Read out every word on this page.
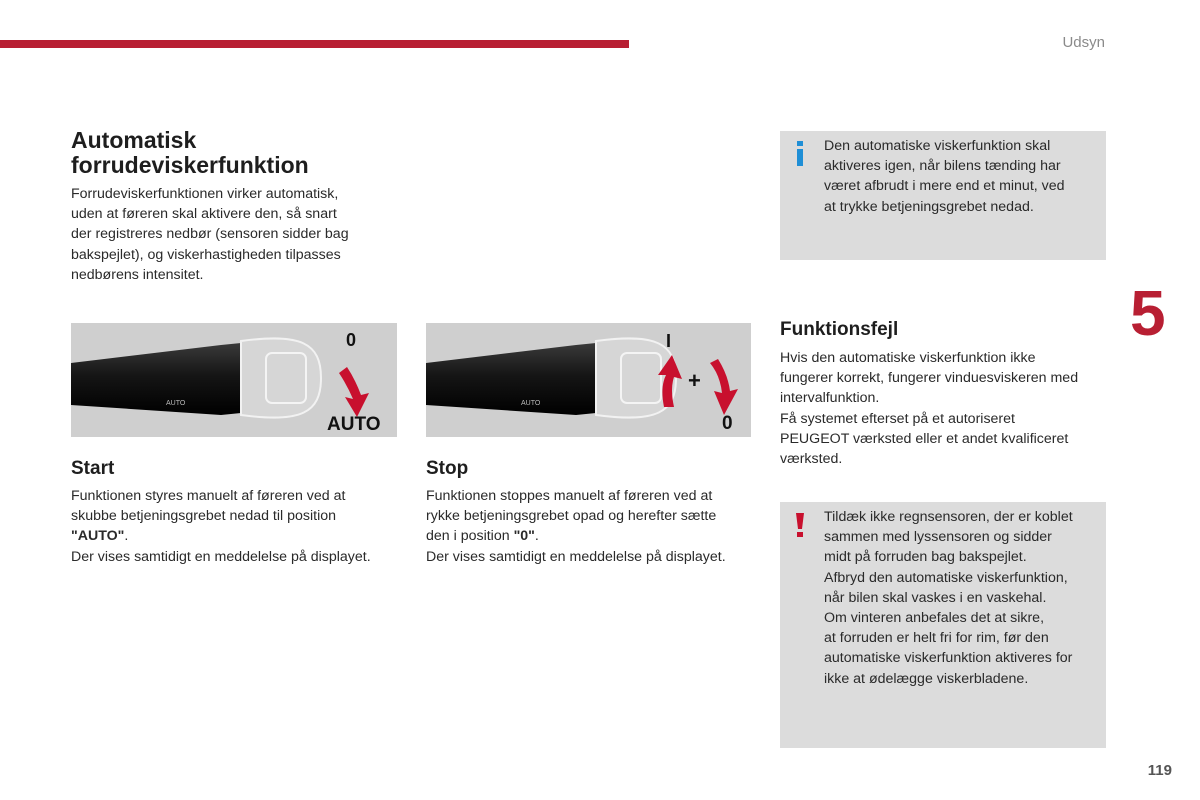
Udsyn
5
119
Automatisk
forrudeviskerfunktion

Forrudeviskerfunktionen virker automatisk,

uden at føreren skal aktivere den, så snart

der registreres nedbør (sensoren sidder bag

bakspejlet), og viskerhastigheden tilpasses

nedbørens intensitet.

AUTO
0
AUTO
AUTO
I
+
0
Start

Funktionen styres manuelt af føreren ved at

skubbe betjeningsgrebet nedad til position

"AUTO".

Der vises samtidigt en meddelelse på displayet.

Stop

Funktionen stoppes manuelt af føreren ved at

rykke betjeningsgrebet opad og herefter sætte

den i position "0".

Der vises samtidigt en meddelelse på displayet.

Den automatiske viskerfunktion skal

aktiveres igen, når bilens tænding har

været afbrudt i mere end et minut, ved

at trykke betjeningsgrebet nedad.

Funktionsfejl

Hvis den automatiske viskerfunktion ikke

fungerer korrekt, fungerer vinduesviskeren med

intervalfunktion.

Få systemet efterset på et autoriseret

PEUGEOT værksted eller et andet kvalificeret

værksted.

Tildæk ikke regnsensoren, der er koblet

sammen med lyssensoren og sidder

midt på forruden bag bakspejlet.

Afbryd den automatiske viskerfunktion,

når bilen skal vaskes i en vaskehal.

Om vinteren anbefales det at sikre,

at forruden er helt fri for rim, før den

automatiske viskerfunktion aktiveres for

ikke at ødelægge viskerbladene.
